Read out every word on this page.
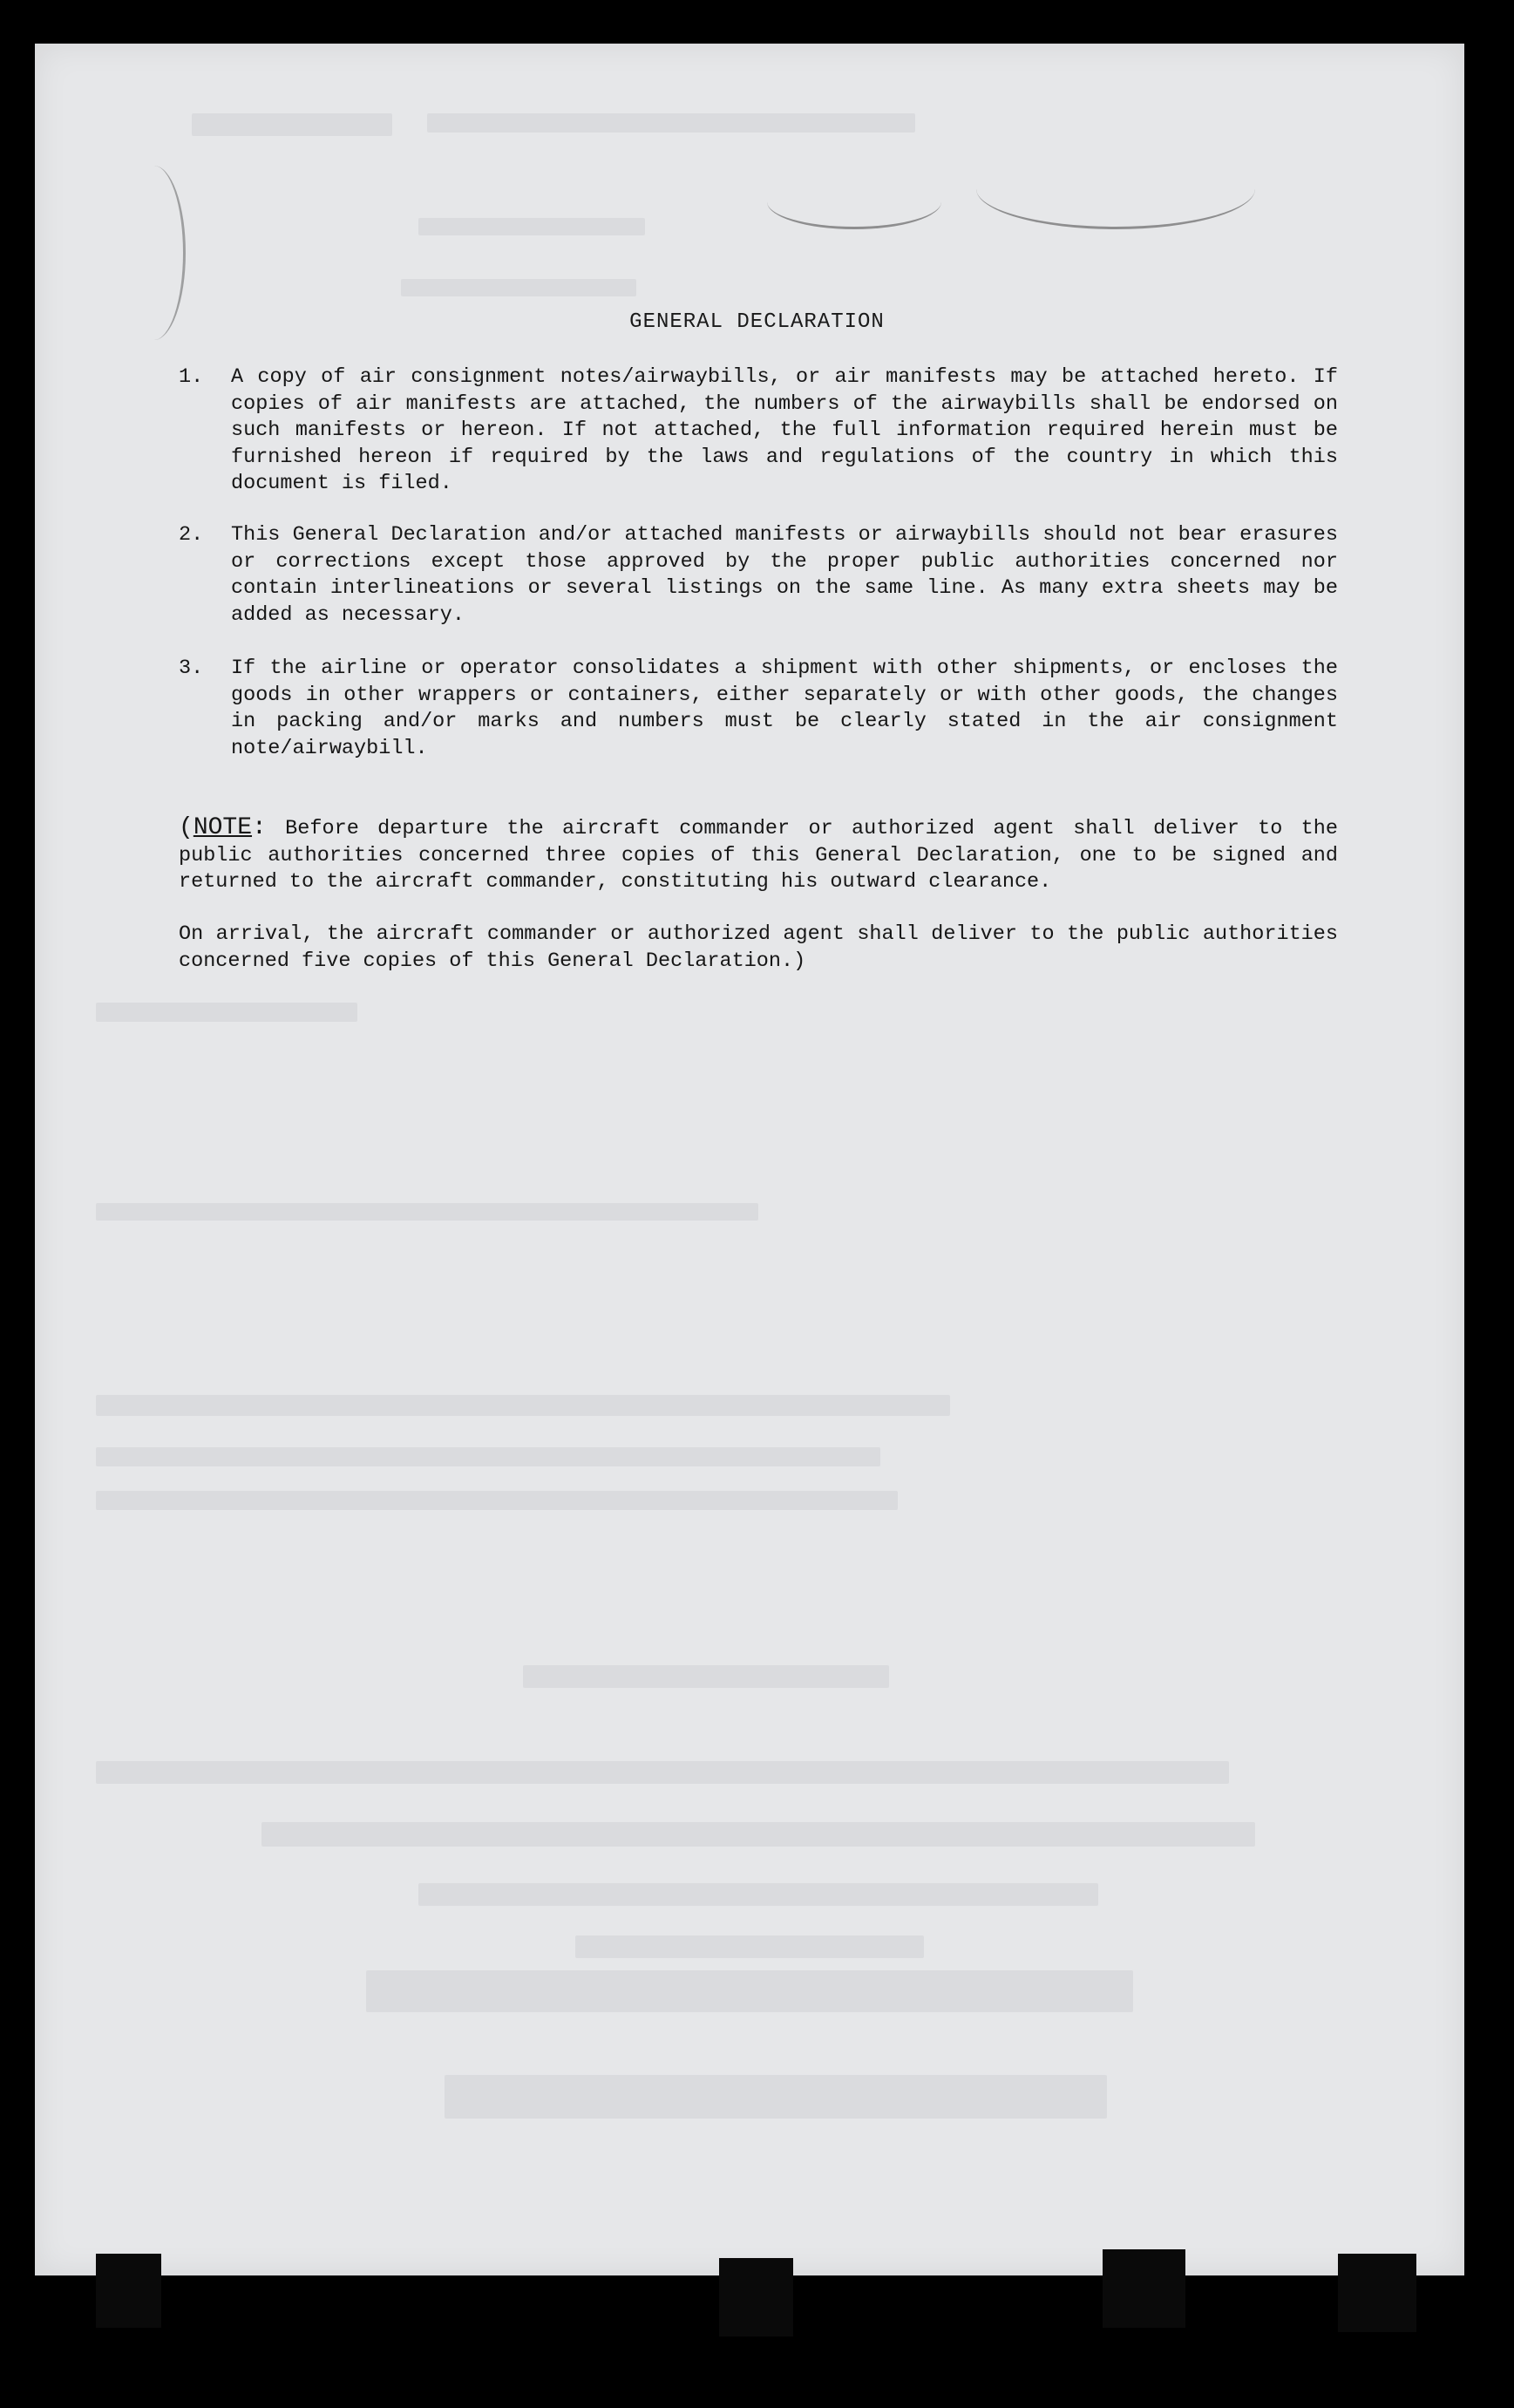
GENERAL DECLARATION

1. A copy of air consignment notes/airwaybills, or air manifests may be attached hereto. If copies of air manifests are attached, the numbers of the airwaybills shall be endorsed on such manifests or hereon. If not attached, the full information required herein must be furnished hereon if required by the laws and regulations of the country in which this document is filed.

2. This General Declaration and/or attached manifests or airwaybills should not bear erasures or corrections except those approved by the proper public authorities concerned nor contain interlineations or several listings on the same line. As many extra sheets may be added as necessary.

3. If the airline or operator consolidates a shipment with other shipments, or encloses the goods in other wrappers or containers, either separately or with other goods, the changes in packing and/or marks and numbers must be clearly stated in the air consignment note/airwaybill.

(NOTE: Before departure the aircraft commander or authorized agent shall deliver to the public authorities concerned three copies of this General Declaration, one to be signed and returned to the aircraft commander, constituting his outward clearance.

On arrival, the aircraft commander or authorized agent shall deliver to the public authorities concerned five copies of this General Declaration.)
